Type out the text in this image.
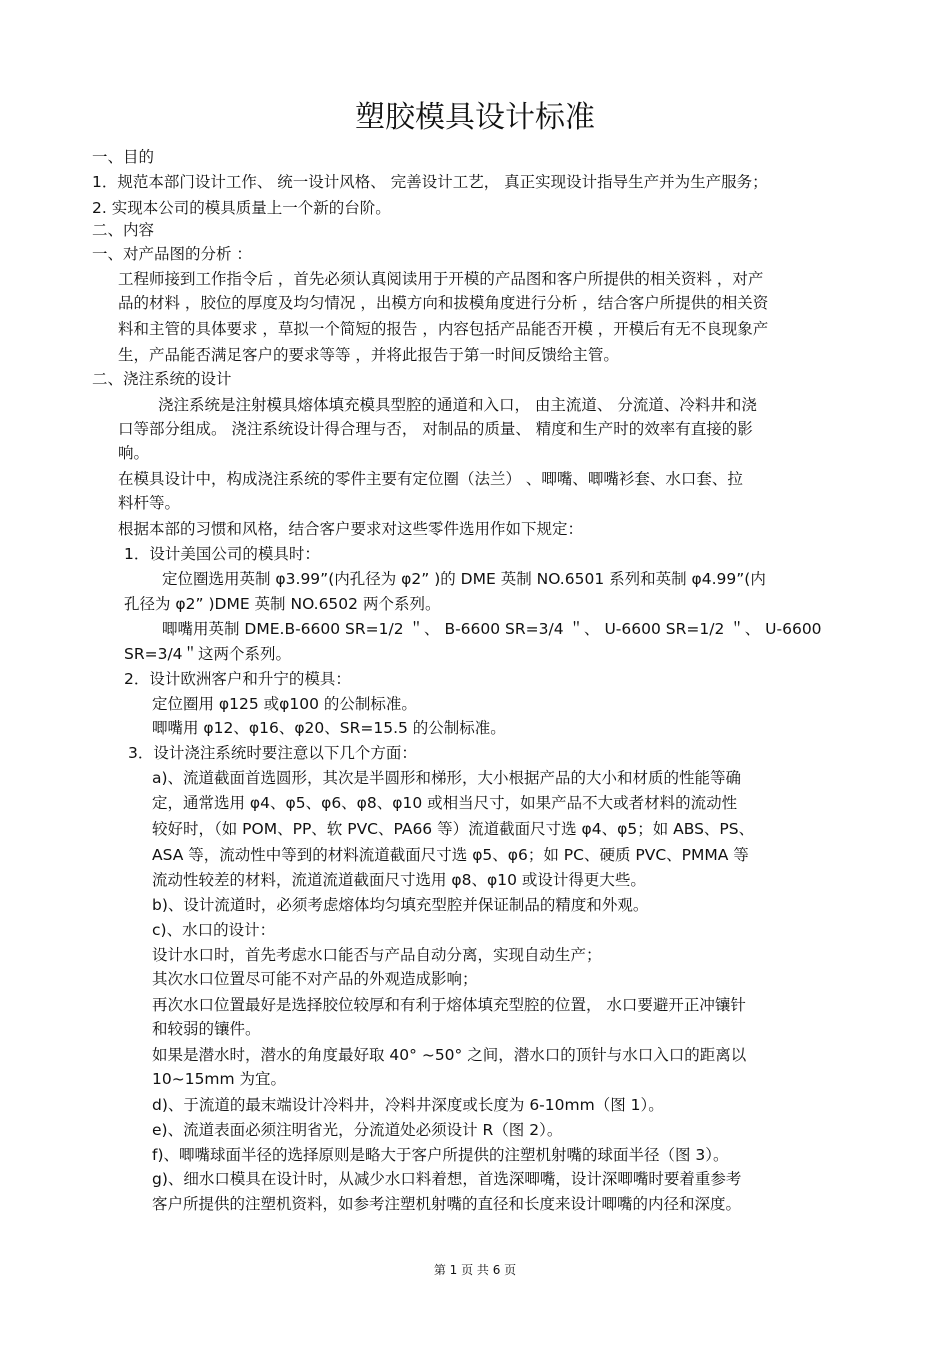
塑胶模具设计标准
一、目的
1．规范本部门设计工作、 统一设计风格、 完善设计工艺， 真正实现设计指导生产并为生产服务；
2. 实现本公司的模具质量上一个新的台阶。
二、内容
一、对产品图的分析 ：
工程师接到工作指令后 ，首先必须认真阅读用于开模的产品图和客户所提供的相关资料 ，对产
品的材料 ，胶位的厚度及均匀情况 ，出模方向和拔模角度进行分析 ，结合客户所提供的相关资
料和主管的具体要求 ，草拟一个简短的报告 ，内容包括产品能否开模 ，开模后有无不良现象产
生，产品能否满足客户的要求等等 ，并将此报告于第一时间反馈给主管。
二、浇注系统的设计
浇注系统是注射模具熔体填充模具型腔的通道和入口， 由主流道、 分流道、冷料井和浇
口等部分组成。 浇注系统设计得合理与否， 对制品的质量、 精度和生产时的效率有直接的影
响。
在模具设计中，构成浇注系统的零件主要有定位圈（法兰） 、唧嘴、唧嘴衫套、水口套、拉
料杆等。
根据本部的习惯和风格，结合客户要求对这些零件选用作如下规定：
1．设计美国公司的模具时：
定位圈选用英制 φ3.99”(内孔径为 φ2” )的 DME 英制 NO.6501 系列和英制 φ4.99”(内
孔径为 φ2” )DME 英制 NO.6502 两个系列。
唧嘴用英制 DME.B-6600 SR=1/2 ＂、 B-6600 SR=3/4 ＂、 U-6600 SR=1/2 ＂、 U-6600
SR=3/4＂这两个系列。
2．设计欧洲客户和升宁的模具：
定位圈用 φ125 或φ100 的公制标准。
唧嘴用 φ12、φ16、φ20、SR=15.5 的公制标准。
3．设计浇注系统时要注意以下几个方面：
a)、流道截面首选圆形，其次是半圆形和梯形，大小根据产品的大小和材质的性能等确
定，通常选用 φ4、φ5、φ6、φ8、φ10 或相当尺寸，如果产品不大或者材料的流动性
较好时，（如 POM、PP、软 PVC、PA66 等）流道截面尺寸选 φ4、φ5；如 ABS、PS、
ASA 等，流动性中等到的材料流道截面尺寸选 φ5、φ6；如 PC、硬质 PVC、PMMA 等
流动性较差的材料，流道流道截面尺寸选用 φ8、φ10 或设计得更大些。
b)、设计流道时，必须考虑熔体均匀填充型腔并保证制品的精度和外观。
c)、水口的设计：
设计水口时，首先考虑水口能否与产品自动分离，实现自动生产；
其次水口位置尽可能不对产品的外观造成影响；
再次水口位置最好是选择胶位较厚和有利于熔体填充型腔的位置， 水口要避开正冲镶针
和较弱的镶件。
如果是潜水时，潜水的角度最好取 40° ~50° 之间，潜水口的顶针与水口入口的距离以
10~15mm 为宜。
d)、于流道的最末端设计冷料井，冷料井深度或长度为 6-10mm（图 1）。
e)、流道表面必须注明省光，分流道处必须设计 R（图 2）。
f)、唧嘴球面半径的选择原则是略大于客户所提供的注塑机射嘴的球面半径（图 3）。
g)、细水口模具在设计时，从减少水口料着想，首选深唧嘴，设计深唧嘴时要着重参考
客户所提供的注塑机资料，如参考注塑机射嘴的直径和长度来设计唧嘴的内径和深度。
第 1 页 共 6 页
